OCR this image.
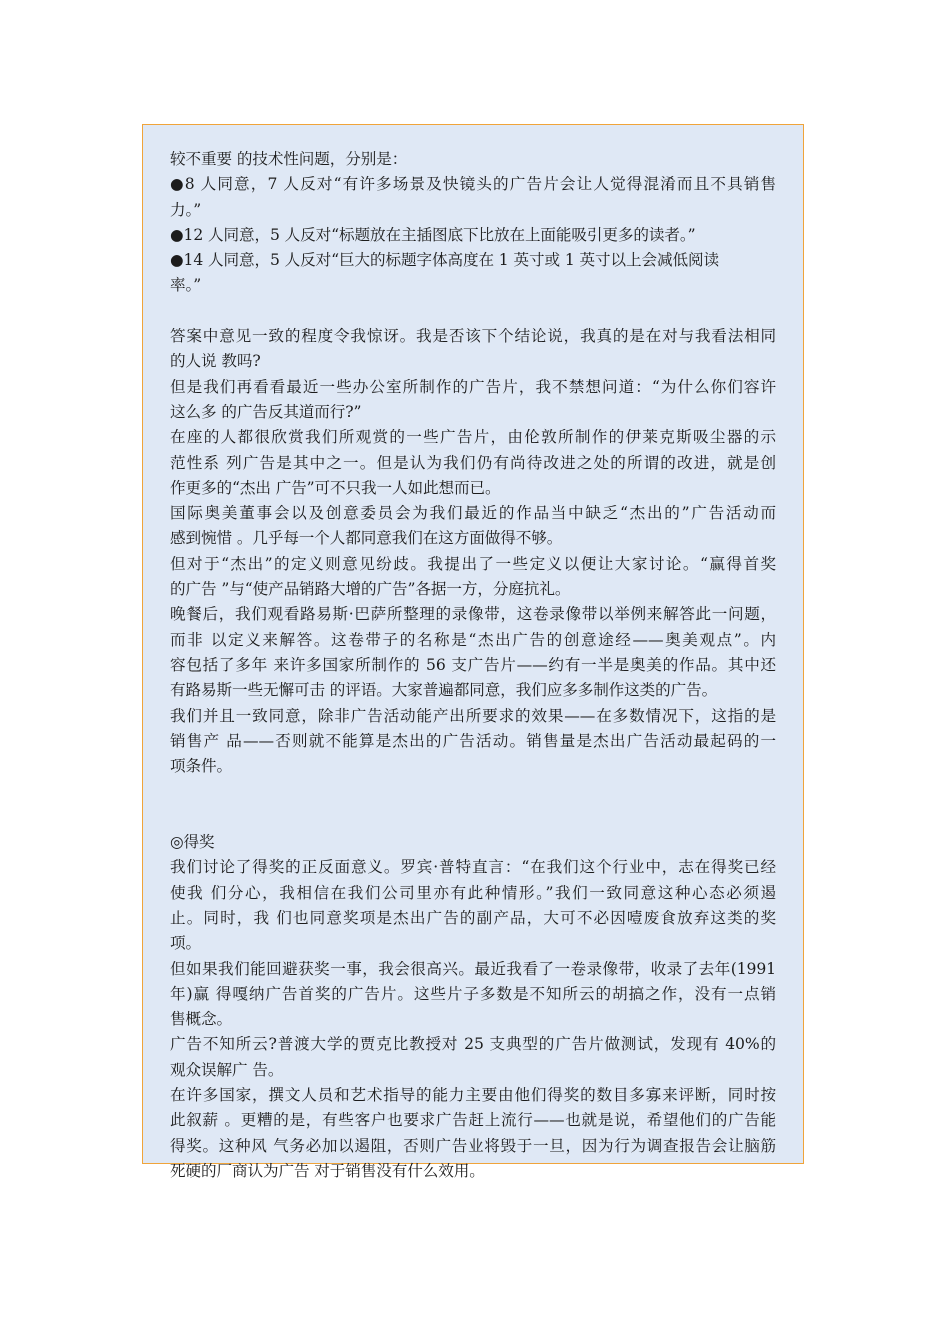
较不重要 的技术性问题，分别是：
●8 人同意，7 人反对“有许多场景及快镜头的广告片会让人觉得混淆而且不具销售
力。”
●12 人同意，5 人反对“标题放在主插图底下比放在上面能吸引更多的读者。”
●14 人同意，5 人反对“巨大的标题字体高度在 1 英寸或 1 英寸以上会减低阅读
率。”
答案中意见一致的程度令我惊讶。我是否该下个结论说，我真的是在对与我看法相同
的人说 教吗?
但是我们再看看最近一些办公室所制作的广告片，我不禁想问道：“为什么你们容许
这么多 的广告反其道而行?”
在座的人都很欣赏我们所观赏的一些广告片，由伦敦所制作的伊莱克斯吸尘器的示
范性系 列广告是其中之一。但是认为我们仍有尚待改进之处的所谓的改进，就是创
作更多的“杰出 广告”可不只我一人如此想而已。
国际奥美董事会以及创意委员会为我们最近的作品当中缺乏“杰出的”广告活动而
感到惋惜 。几乎每一个人都同意我们在这方面做得不够。
但对于“杰出”的定义则意见纷歧。我提出了一些定义以便让大家讨论。“赢得首奖
的广告 ”与“使产品销路大增的广告”各据一方，分庭抗礼。
晚餐后，我们观看路易斯·巴萨所整理的录像带，这卷录像带以举例来解答此一问题，
而非 以定义来解答。这卷带子的名称是“杰出广告的创意途经——奥美观点”。内
容包括了多年 来许多国家所制作的 56 支广告片——约有一半是奥美的作品。其中还
有路易斯一些无懈可击 的评语。大家普遍都同意，我们应多多制作这类的广告。
我们并且一致同意，除非广告活动能产出所要求的效果——在多数情况下，这指的是
销售产 品——否则就不能算是杰出的广告活动。销售量是杰出广告活动最起码的一
项条件。
◎得奖
我们讨论了得奖的正反面意义。罗宾·普特直言：“在我们这个行业中，志在得奖已经
使我 们分心，我相信在我们公司里亦有此种情形。”我们一致同意这种心态必须遏
止。同时，我 们也同意奖项是杰出广告的副产品，大可不必因噎废食放弃这类的奖
项。
但如果我们能回避获奖一事，我会很高兴。最近我看了一卷录像带，收录了去年(1991
年)赢 得嘎纳广告首奖的广告片。这些片子多数是不知所云的胡搞之作，没有一点销
售概念。
广告不知所云?普渡大学的贾克比教授对 25 支典型的广告片做测试，发现有 40%的
观众误解广 告。
在许多国家，撰文人员和艺术指导的能力主要由他们得奖的数目多寡来评断，同时按
此叙薪 。更糟的是，有些客户也要求广告赶上流行——也就是说，希望他们的广告能
得奖。这种风 气务必加以遏阻，否则广告业将毁于一旦，因为行为调查报告会让脑筋
死硬的厂商认为广告 对于销售没有什么效用。
